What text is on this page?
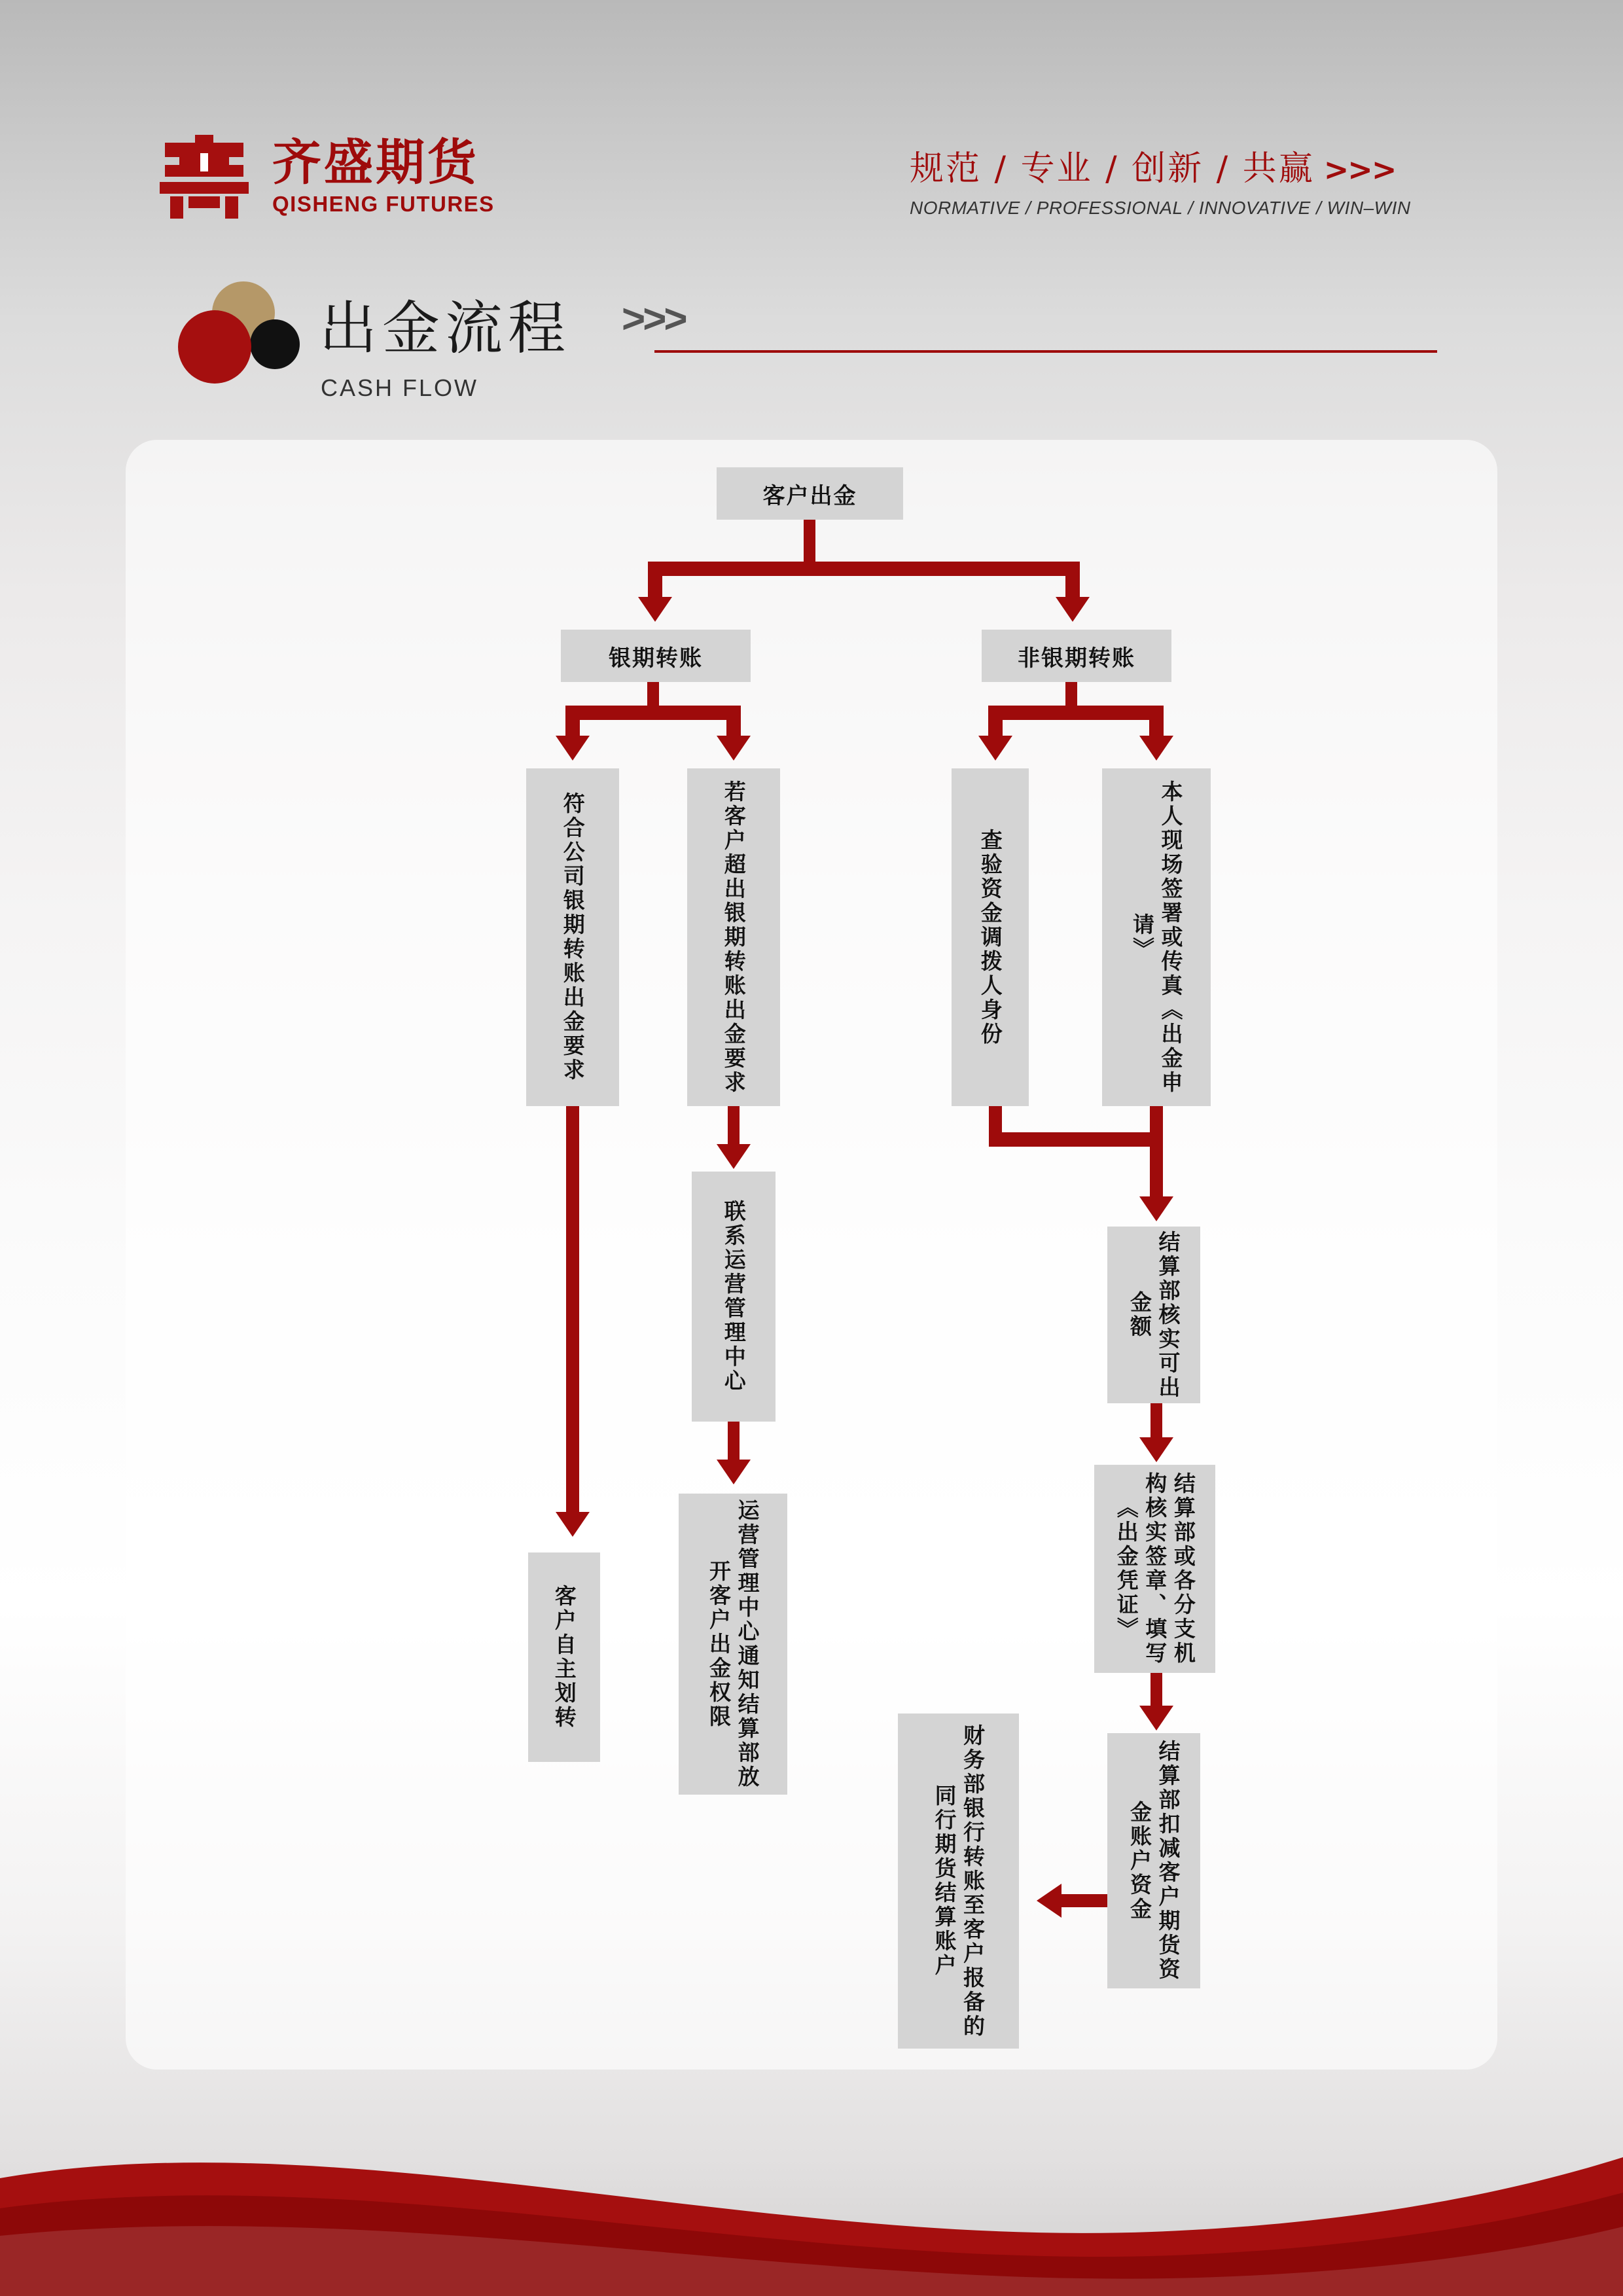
齐盛期货
QISHENG FUTURES
规范 / 专业 / 创新 / 共赢 >>>
NORMATIVE / PROFESSIONAL / INNOVATIVE / WIN–WIN
出金流程 >>>
CASH FLOW
客户出金
银期转账	非银期转账
符合公司银期转账出金要求	若客户超出银期转账出金要求	查验资金调拨人身份	本人现场签署或传真《出金申请》
联系运营管理中心	结算部核实可出金额
运营管理中心通知结算部放开客户出金权限
客户自主划转	结算部或各分支机构核实签章、填写《出金凭证》
结算部扣减客户期货资金账户资金
财务部银行转账至客户报备的同行期货结算账户
